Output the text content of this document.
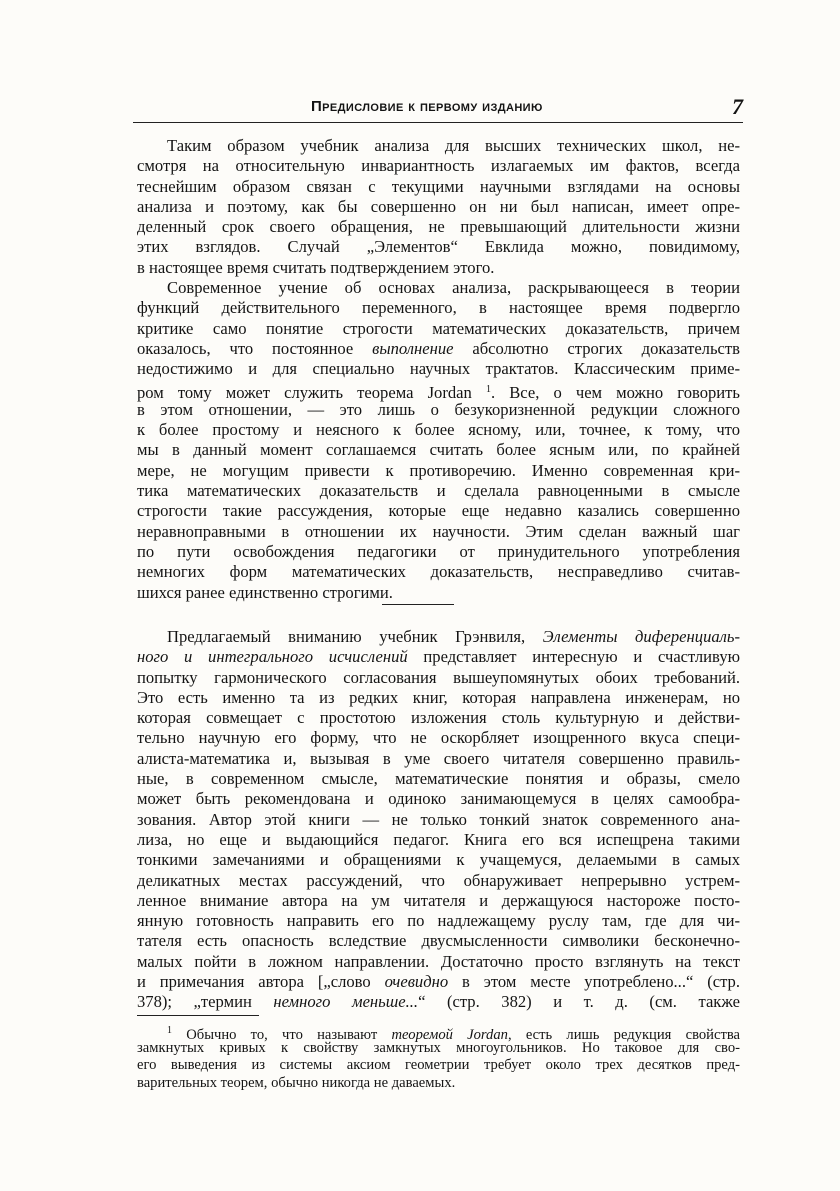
Предисловие к первому изданию	7
Таким образом учебник анализа для высших технических школ, не-
смотря на относительную инвариантность излагаемых им фактов, всегда
теснейшим образом связан с текущими научными взглядами на основы
анализа и поэтому, как бы совершенно он ни был написан, имеет опре-
деленный срок своего обращения, не превышающий длительности жизни
этих взглядов. Случай „Элементов“ Евклида можно, повидимому,
в настоящее время считать подтверждением этого.
Современное учение об основах анализа, раскрывающееся в теории
функций действительного переменного, в настоящее время подвергло
критике само понятие строгости математических доказательств, причем
оказалось, что постоянное выполнение абсолютно строгих доказательств
недостижимо и для специально научных трактатов. Классическим приме-
ром тому может служить теорема Jordan $^1$. Все, о чем можно говорить
в этом отношении, — это лишь о безукоризненной редукции сложного
к более простому и неясного к более ясному, или, точнее, к тому, что
мы в данный момент соглашаемся считать более ясным или, по крайней
мере, не могущим привести к противоречию. Именно современная кри-
тика математических доказательств и сделала равноценными в смысле
строгости такие рассуждения, которые еще недавно казались совершенно
неравноправными в отношении их научности. Этим сделан важный шаг
по пути освобождения педагогики от принудительного употребления
немногих форм математических доказательств, несправедливо считав-
шихся ранее единственно строгими.
Предлагаемый вниманию учебник Грэнвиля, Элементы диференциаль-
ного и интегрального исчислений представляет интересную и счастливую
попытку гармонического согласования вышеупомянутых обоих требований.
Это есть именно та из редких книг, которая направлена инженерам, но
которая совмещает с простотою изложения столь культурную и действи-
тельно научную его форму, что не оскорбляет изощренного вкуса специ-
алиста-математика и, вызывая в уме своего читателя совершенно правиль-
ные, в современном смысле, математические понятия и образы, смело
может быть рекомендована и одиноко занимающемуся в целях самообра-
зования. Автор этой книги — не только тонкий знаток современного ана-
лиза, но еще и выдающийся педагог. Книга его вся испещрена такими
тонкими замечаниями и обращениями к учащемуся, делаемыми в самых
деликатных местах рассуждений, что обнаруживает непрерывно устрем-
ленное внимание автора на ум читателя и держащуюся настороже посто-
янную готовность направить его по надлежащему руслу там, где для чи-
тателя есть опасность вследствие двусмысленности символики бесконечно-
малых пойти в ложном направлении. Достаточно просто взглянуть на текст
и примечания автора [„слово очевидно в этом месте употреблено...“ (стр.
378); „термин немного меньше...“ (стр. 382) и т. д. (см. также
$^1$ Обычно то, что называют теоремой Jordan, есть лишь редукция свойства
замкнутых кривых к свойству замкнутых многоугольников. Но таковое для сво-
его выведения из системы аксиом геометрии требует около трех десятков пред-
варительных теорем, обычно никогда не даваемых.
